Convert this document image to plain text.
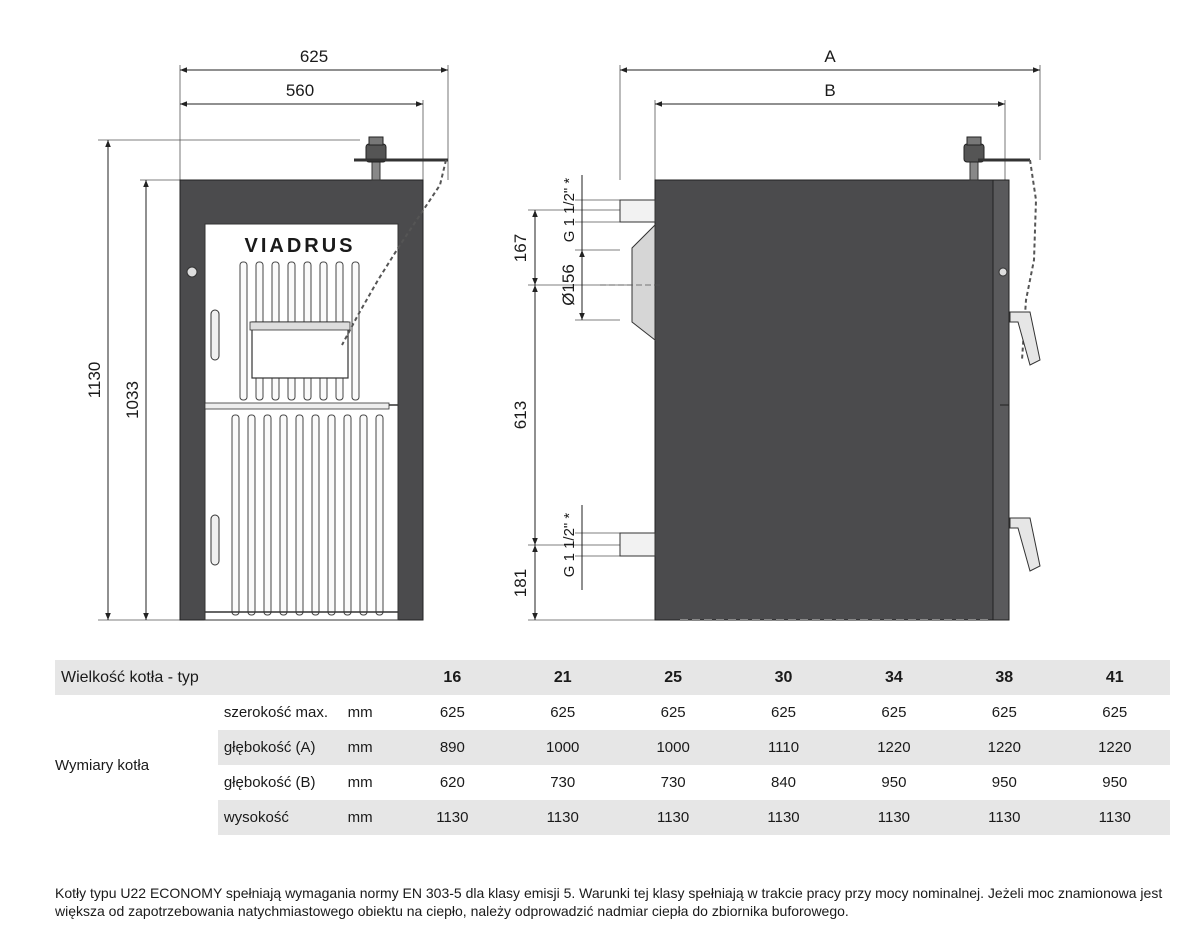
625
560
1130
1033
VIADRUS
A
B
167
613
181
Ø156
G 1 1/2" *
G 1 1/2" *
Wielkość kotła - typ			16	21	25	30	34	38	41
Wymiary kotła	szerokość max.	mm	625	625	625	625	625	625	625
	głębokość (A)	mm	890	1000	1000	1110	1220	1220	1220
	głębokość (B)	mm	620	730	730	840	950	950	950
	wysokość	mm	1130	1130	1130	1130	1130	1130	1130

Kotły typu U22 ECONOMY spełniają wymagania normy EN 303-5 dla klasy emisji 5. Warunki tej klasy spełniają w trakcie pracy przy mocy nominalnej. Jeżeli moc znamionowa jest większa od zapotrzebowania natychmiastowego obiektu na ciepło, należy odprowadzić nadmiar ciepła do zbiornika buforowego.
